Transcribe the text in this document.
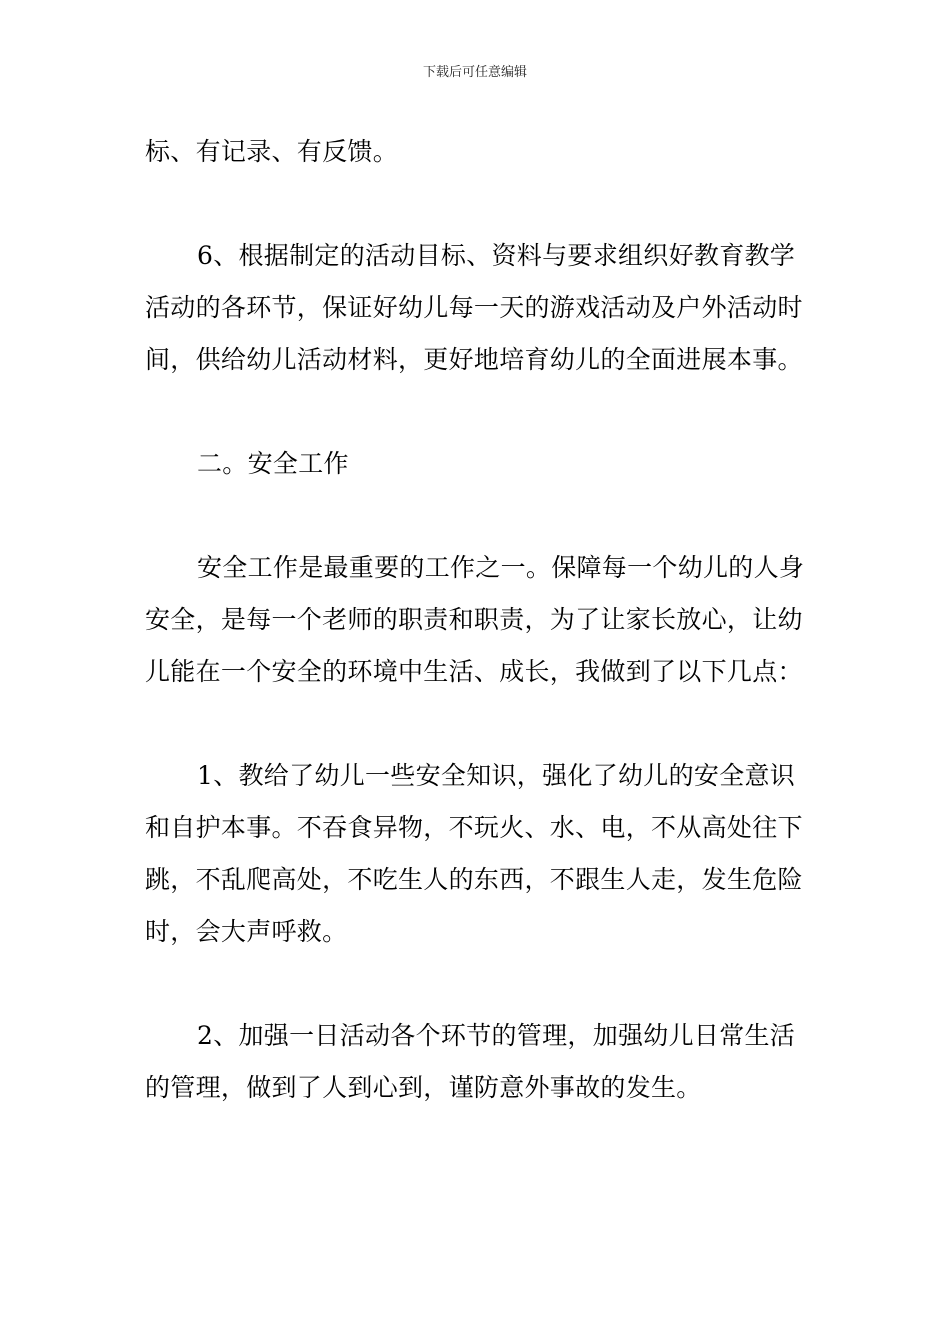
下载后可任意编辑

标、有记录、有反馈。

6、根据制定的活动目标、资料与要求组织好教育教学活动的各环节，保证好幼儿每一天的游戏活动及户外活动时间，供给幼儿活动材料，更好地培育幼儿的全面进展本事。

二。安全工作

安全工作是最重要的工作之一。保障每一个幼儿的人身安全，是每一个老师的职责和职责，为了让家长放心，让幼儿能在一个安全的环境中生活、成长，我做到了以下几点：

1、教给了幼儿一些安全知识，强化了幼儿的安全意识和自护本事。不吞食异物，不玩火、水、电，不从高处往下跳，不乱爬高处，不吃生人的东西，不跟生人走，发生危险时，会大声呼救。

2、加强一日活动各个环节的管理，加强幼儿日常生活的管理，做到了人到心到，谨防意外事故的发生。
